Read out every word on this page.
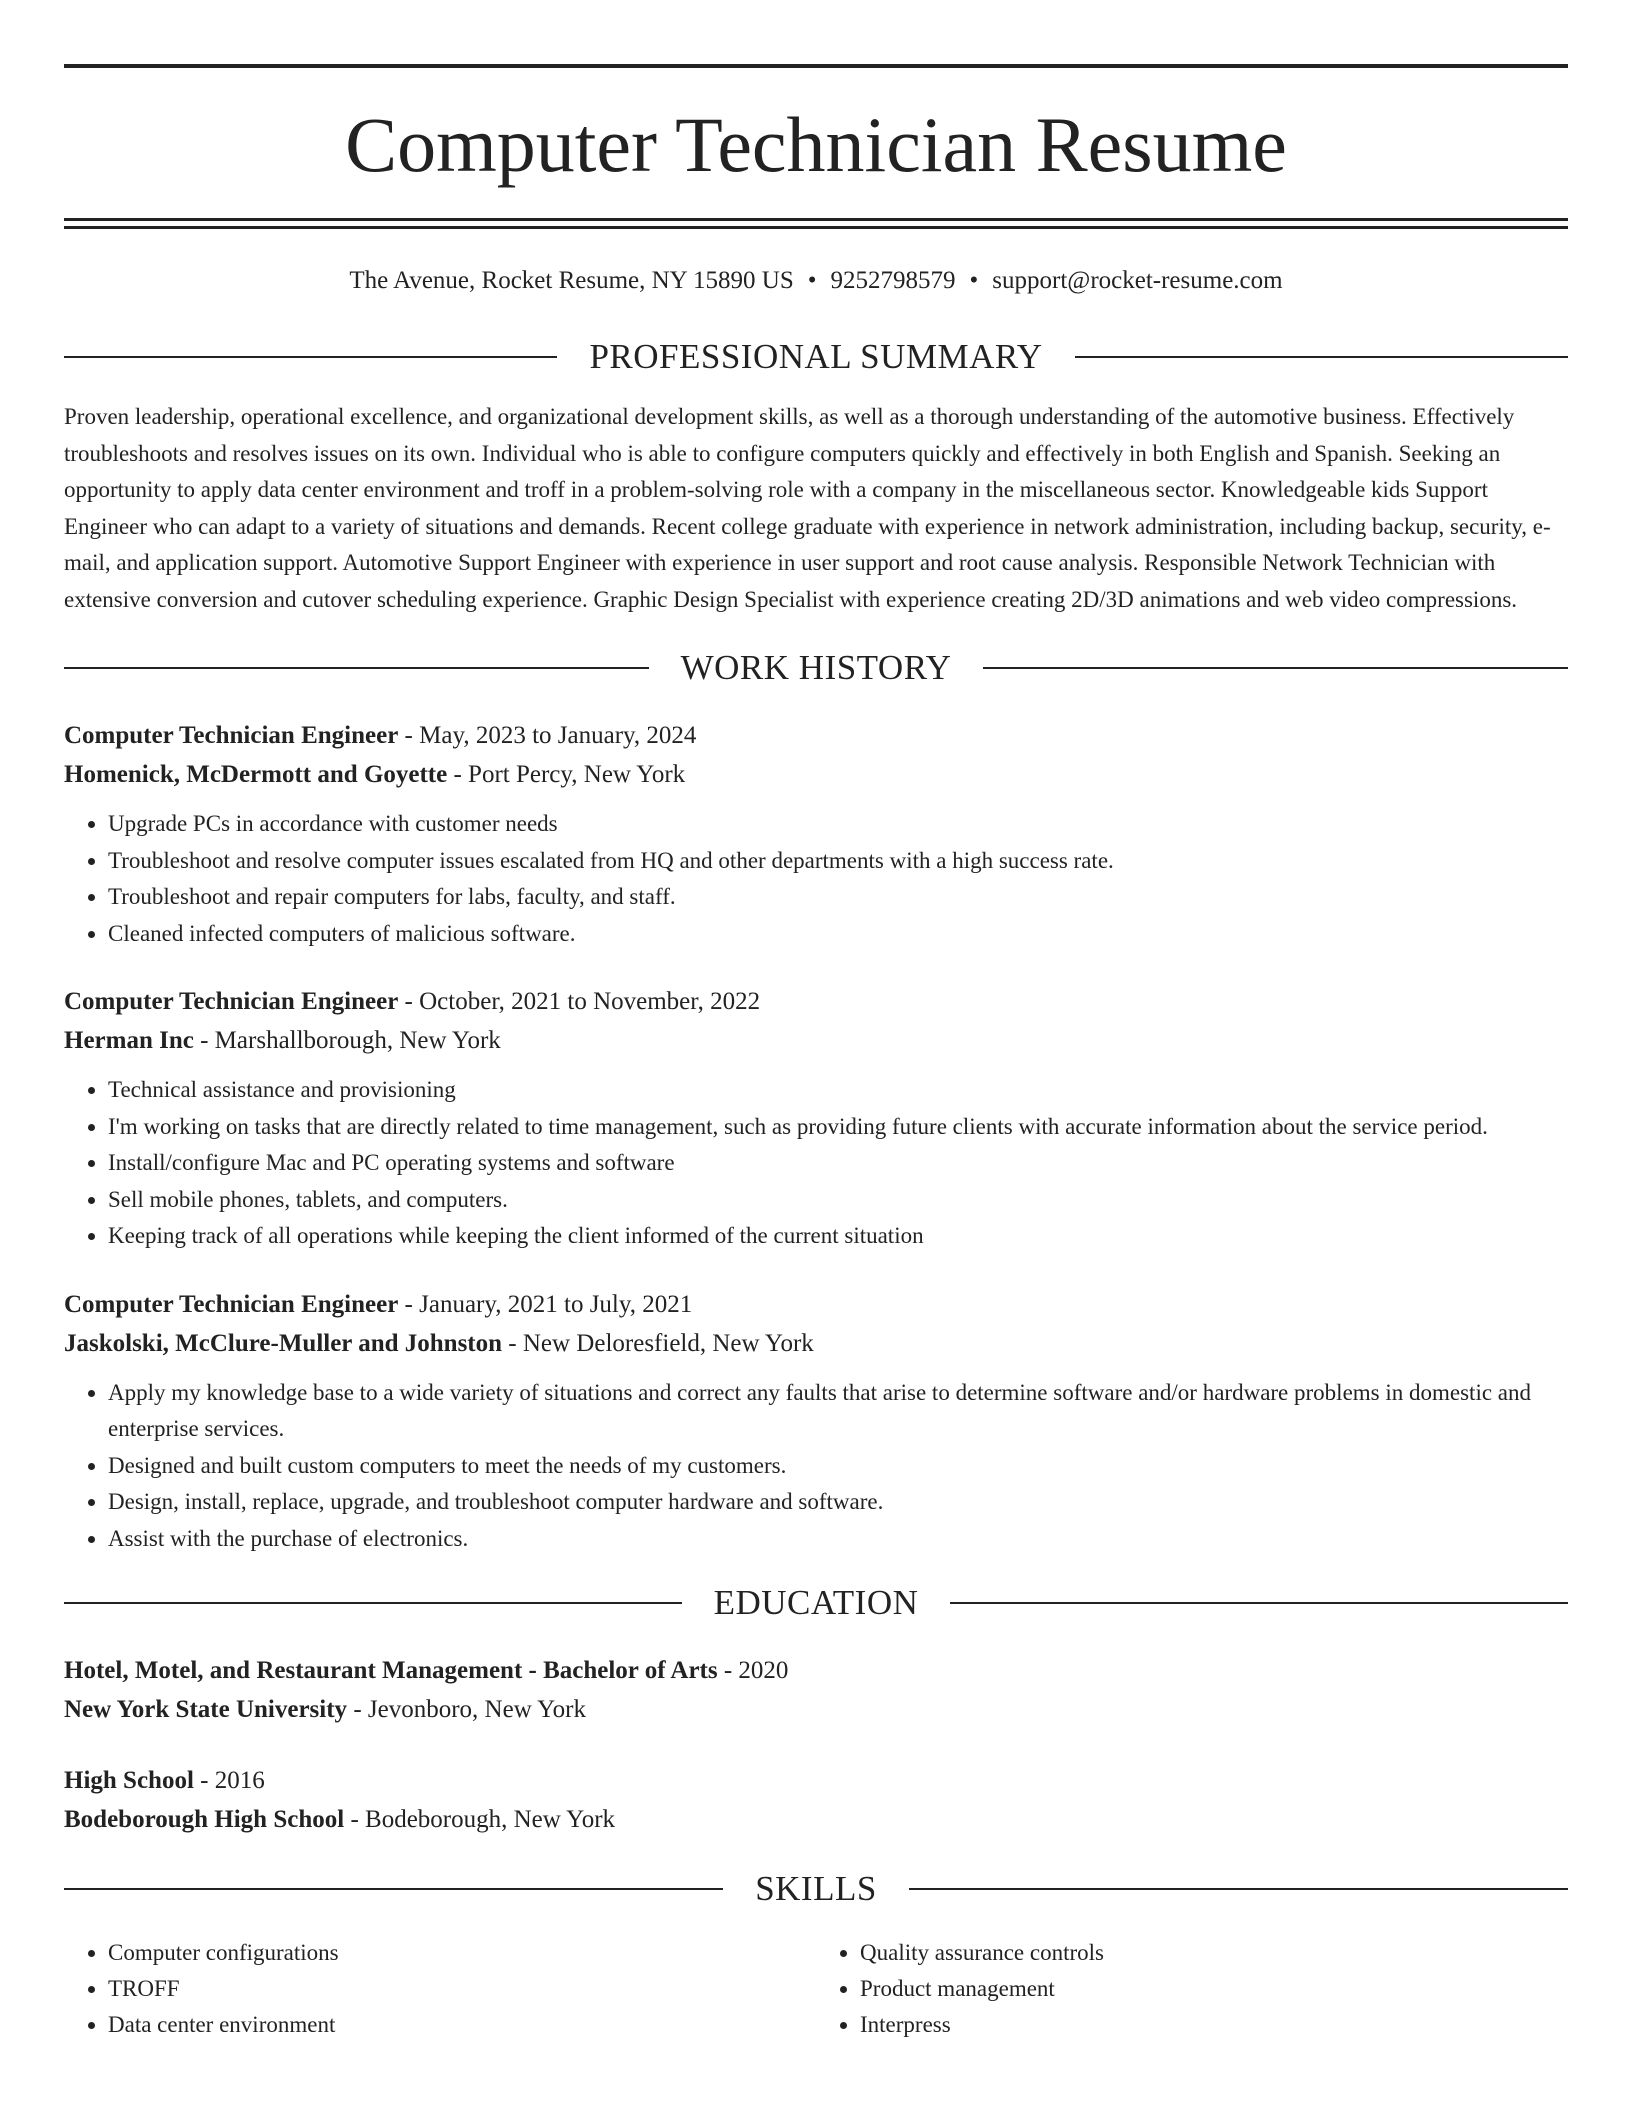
Computer Technician Resume
The Avenue, Rocket Resume, NY 15890 US • 9252798579 • support@rocket-resume.com
PROFESSIONAL SUMMARY

Proven leadership, operational excellence, and organizational development skills, as well as a thorough understanding of the automotive business. Effectively troubleshoots and resolves issues on its own. Individual who is able to configure computers quickly and effectively in both English and Spanish. Seeking an opportunity to apply data center environment and troff in a problem-solving role with a company in the miscellaneous sector. Knowledgeable kids Support Engineer who can adapt to a variety of situations and demands. Recent college graduate with experience in network administration, including backup, security, e-mail, and application support. Automotive Support Engineer with experience in user support and root cause analysis. Responsible Network Technician with extensive conversion and cutover scheduling experience. Graphic Design Specialist with experience creating 2D/3D animations and web video compressions.

WORK HISTORY
Computer Technician Engineer - May, 2023 to January, 2024
Homenick, McDermott and Goyette - Port Percy, New York
• Upgrade PCs in accordance with customer needs
• Troubleshoot and resolve computer issues escalated from HQ and other departments with a high success rate.
• Troubleshoot and repair computers for labs, faculty, and staff.
• Cleaned infected computers of malicious software.
Computer Technician Engineer - October, 2021 to November, 2022
Herman Inc - Marshallborough, New York
• Technical assistance and provisioning
• I'm working on tasks that are directly related to time management, such as providing future clients with accurate information about the service period.
• Install/configure Mac and PC operating systems and software
• Sell mobile phones, tablets, and computers.
• Keeping track of all operations while keeping the client informed of the current situation
Computer Technician Engineer - January, 2021 to July, 2021
Jaskolski, McClure-Muller and Johnston - New Deloresfield, New York
• Apply my knowledge base to a wide variety of situations and correct any faults that arise to determine software and/or hardware problems in domestic and enterprise services.
• Designed and built custom computers to meet the needs of my customers.
• Design, install, replace, upgrade, and troubleshoot computer hardware and software.
• Assist with the purchase of electronics.
EDUCATION
Hotel, Motel, and Restaurant Management - Bachelor of Arts - 2020
New York State University - Jevonboro, New York
High School - 2016
Bodeborough High School - Bodeborough, New York
SKILLS
• Computer configurations
• TROFF
• Data center environment
• Quality assurance controls
• Product management
• Interpress
